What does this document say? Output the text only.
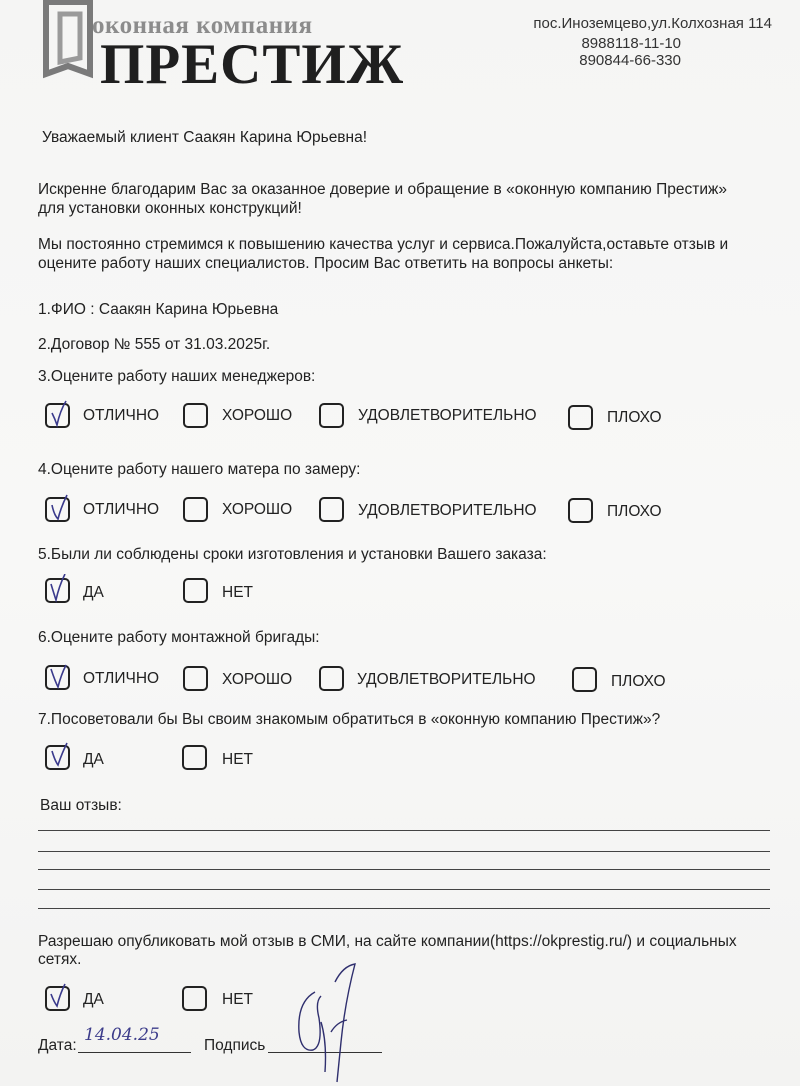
оконная компания
ПРЕСТИЖ
пос.Иноземцево,ул.Колхозная 114
8988118-11-10
890844-66-330
Уважаемый клиент Саакян Карина Юрьевна!
Искренне благодарим Вас за оказанное доверие и обращение в «оконную компанию Престиж»
для установки оконных конструкций!
Мы постоянно стремимся к повышению качества услуг и сервиса.Пожалуйста,оставьте отзыв и
оцените работу наших специалистов. Просим Вас ответить на вопросы анкеты:
1.ФИО : Саакян Карина Юрьевна
2.Договор № 555 от 31.03.2025г.
3.Оцените работу наших менеджеров:
ОТЛИЧНО	ХОРОШО	УДОВЛЕТВОРИТЕЛЬНО	ПЛОХО
4.Оцените работу нашего матера по замеру:
ОТЛИЧНО	ХОРОШО	УДОВЛЕТВОРИТЕЛЬНО	ПЛОХО
5.Были ли соблюдены сроки изготовления и установки Вашего заказа:
ДА	НЕТ
6.Оцените работу монтажной бригады:
ОТЛИЧНО	ХОРОШО	УДОВЛЕТВОРИТЕЛЬНО	ПЛОХО
7.Посоветовали бы Вы своим знакомым обратиться в «оконную компанию Престиж»?
ДА	НЕТ
Ваш отзыв:
Разрешаю опубликовать мой отзыв в СМИ, на сайте компании(https://okprestig.ru/) и социальных
сетях.
ДА	НЕТ
Дата:
14.04.25
Подпись
